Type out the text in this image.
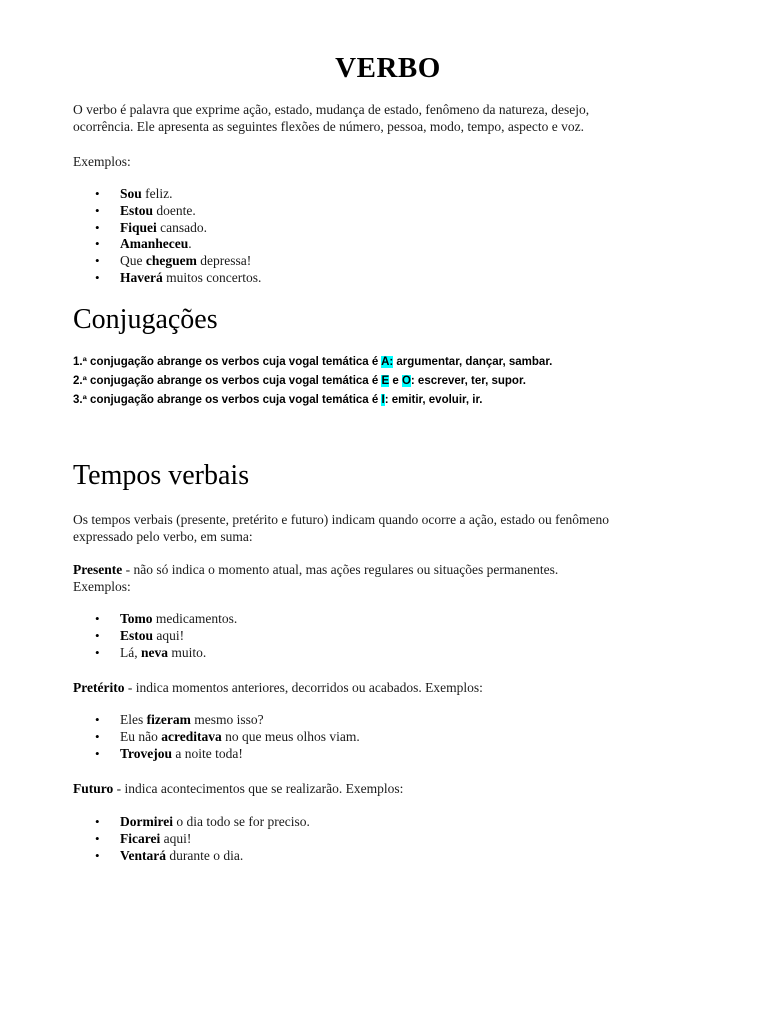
VERBO
O verbo é palavra que exprime ação, estado, mudança de estado, fenômeno da natureza, desejo,
ocorrência. Ele apresenta as seguintes flexões de número, pessoa, modo, tempo, aspecto e voz.
Exemplos:
• Sou feliz.
• Estou doente.
• Fiquei cansado.
• Amanheceu.
• Que cheguem depressa!
• Haverá muitos concertos.
Conjugações
1.ª conjugação abrange os verbos cuja vogal temática é A: argumentar, dançar, sambar.
2.ª conjugação abrange os verbos cuja vogal temática é E e O: escrever, ter, supor.
3.ª conjugação abrange os verbos cuja vogal temática é I: emitir, evoluir, ir.
Tempos verbais
Os tempos verbais (presente, pretérito e futuro) indicam quando ocorre a ação, estado ou fenômeno
expressado pelo verbo, em suma:
Presente - não só indica o momento atual, mas ações regulares ou situações permanentes.
Exemplos:
• Tomo medicamentos.
• Estou aqui!
• Lá, neva muito.
Pretérito - indica momentos anteriores, decorridos ou acabados. Exemplos:
• Eles fizeram mesmo isso?
• Eu não acreditava no que meus olhos viam.
• Trovejou a noite toda!
Futuro - indica acontecimentos que se realizarão. Exemplos:
• Dormirei o dia todo se for preciso.
• Ficarei aqui!
• Ventará durante o dia.
